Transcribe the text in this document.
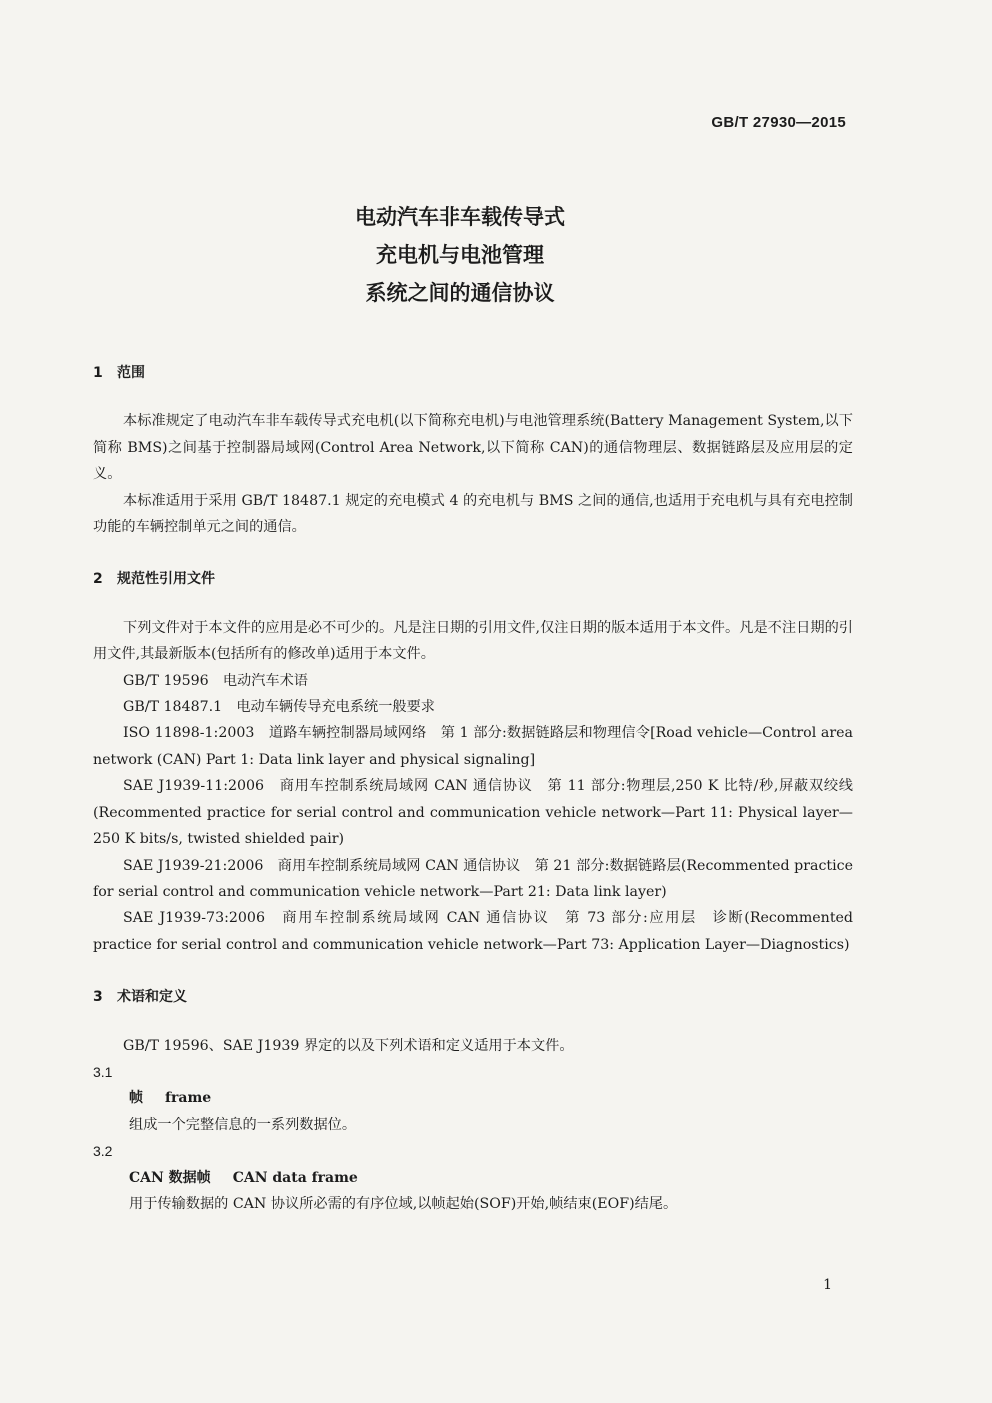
GB/T 27930—2015
电动汽车非车载传导式
充电机与电池管理
系统之间的通信协议
1 范围

本标准规定了电动汽车非车载传导式充电机(以下简称充电机)与电池管理系统(Battery Management System,以下简称 BMS)之间基于控制器局域网(Control Area Network,以下简称 CAN)的通信物理层、数据链路层及应用层的定义。

本标准适用于采用 GB/T 18487.1 规定的充电模式 4 的充电机与 BMS 之间的通信,也适用于充电机与具有充电控制功能的车辆控制单元之间的通信。

2 规范性引用文件

下列文件对于本文件的应用是必不可少的。凡是注日期的引用文件,仅注日期的版本适用于本文件。凡是不注日期的引用文件,其最新版本(包括所有的修改单)适用于本文件。

GB/T 19596　电动汽车术语

GB/T 18487.1　电动车辆传导充电系统一般要求

ISO 11898-1:2003　道路车辆控制器局域网络　第 1 部分:数据链路层和物理信令[Road vehicle—Control area network (CAN) Part 1: Data link layer and physical signaling]

SAE J1939-11:2006　商用车控制系统局域网 CAN 通信协议　第 11 部分:物理层,250 K 比特/秒,屏蔽双绞线(Recommented practice for serial control and communication vehicle network—Part 11: Physical layer—250 K bits/s, twisted shielded pair)

SAE J1939-21:2006　商用车控制系统局域网 CAN 通信协议　第 21 部分:数据链路层(Recommented practice for serial control and communication vehicle network—Part 21: Data link layer)

SAE J1939-73:2006　商用车控制系统局域网 CAN 通信协议　第 73 部分:应用层　诊断(Recommented practice for serial control and communication vehicle network—Part 73: Application Layer—Diagnostics)

3 术语和定义

GB/T 19596、SAE J1939 界定的以及下列术语和定义适用于本文件。

3.1
帧 frame
组成一个完整信息的一系列数据位。
3.2
CAN 数据帧 CAN data frame
用于传输数据的 CAN 协议所必需的有序位域,以帧起始(SOF)开始,帧结束(EOF)结尾。
1
